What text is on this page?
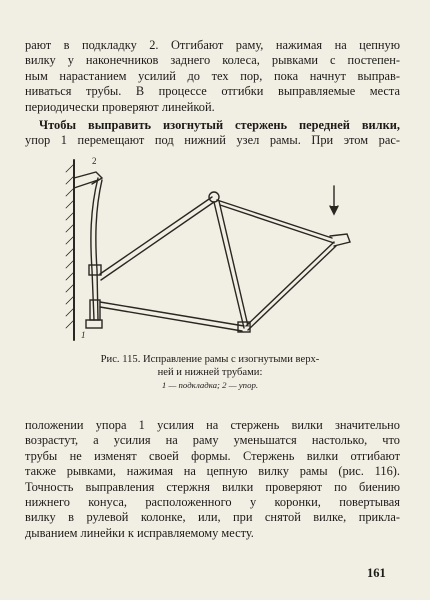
рают в подкладку 2. Отгибают раму, нажимая на цепную
вилку у наконечников заднего колеса, рывками с постепен-
ным нарастанием усилий до тех пор, пока начнут выправ-
ниваться трубы. В процессе отгибки выправляемые места
периодически проверяют линейкой.
Чтобы выправить изогнутый стержень передней вилки,
упор 1 перемещают под нижний узел рамы. При этом рас-
2
1
Рис. 115. Исправление рамы с изогнутыми верх-
ней и нижней трубами:
1 — подкладка; 2 — упор.
положении упора 1 усилия на стержень вилки значительно
возрастут, а усилия на раму уменьшатся настолько, что
трубы не изменят своей формы. Стержень вилки отгибают
также рывками, нажимая на цепную вилку рамы (рис. 116).
Точность выправления стержня вилки проверяют по биению
нижнего конуса, расположенного у коронки, повертывая
вилку в рулевой колонке, или, при снятой вилке, прикла-
дыванием линейки к исправляемому месту.
161
